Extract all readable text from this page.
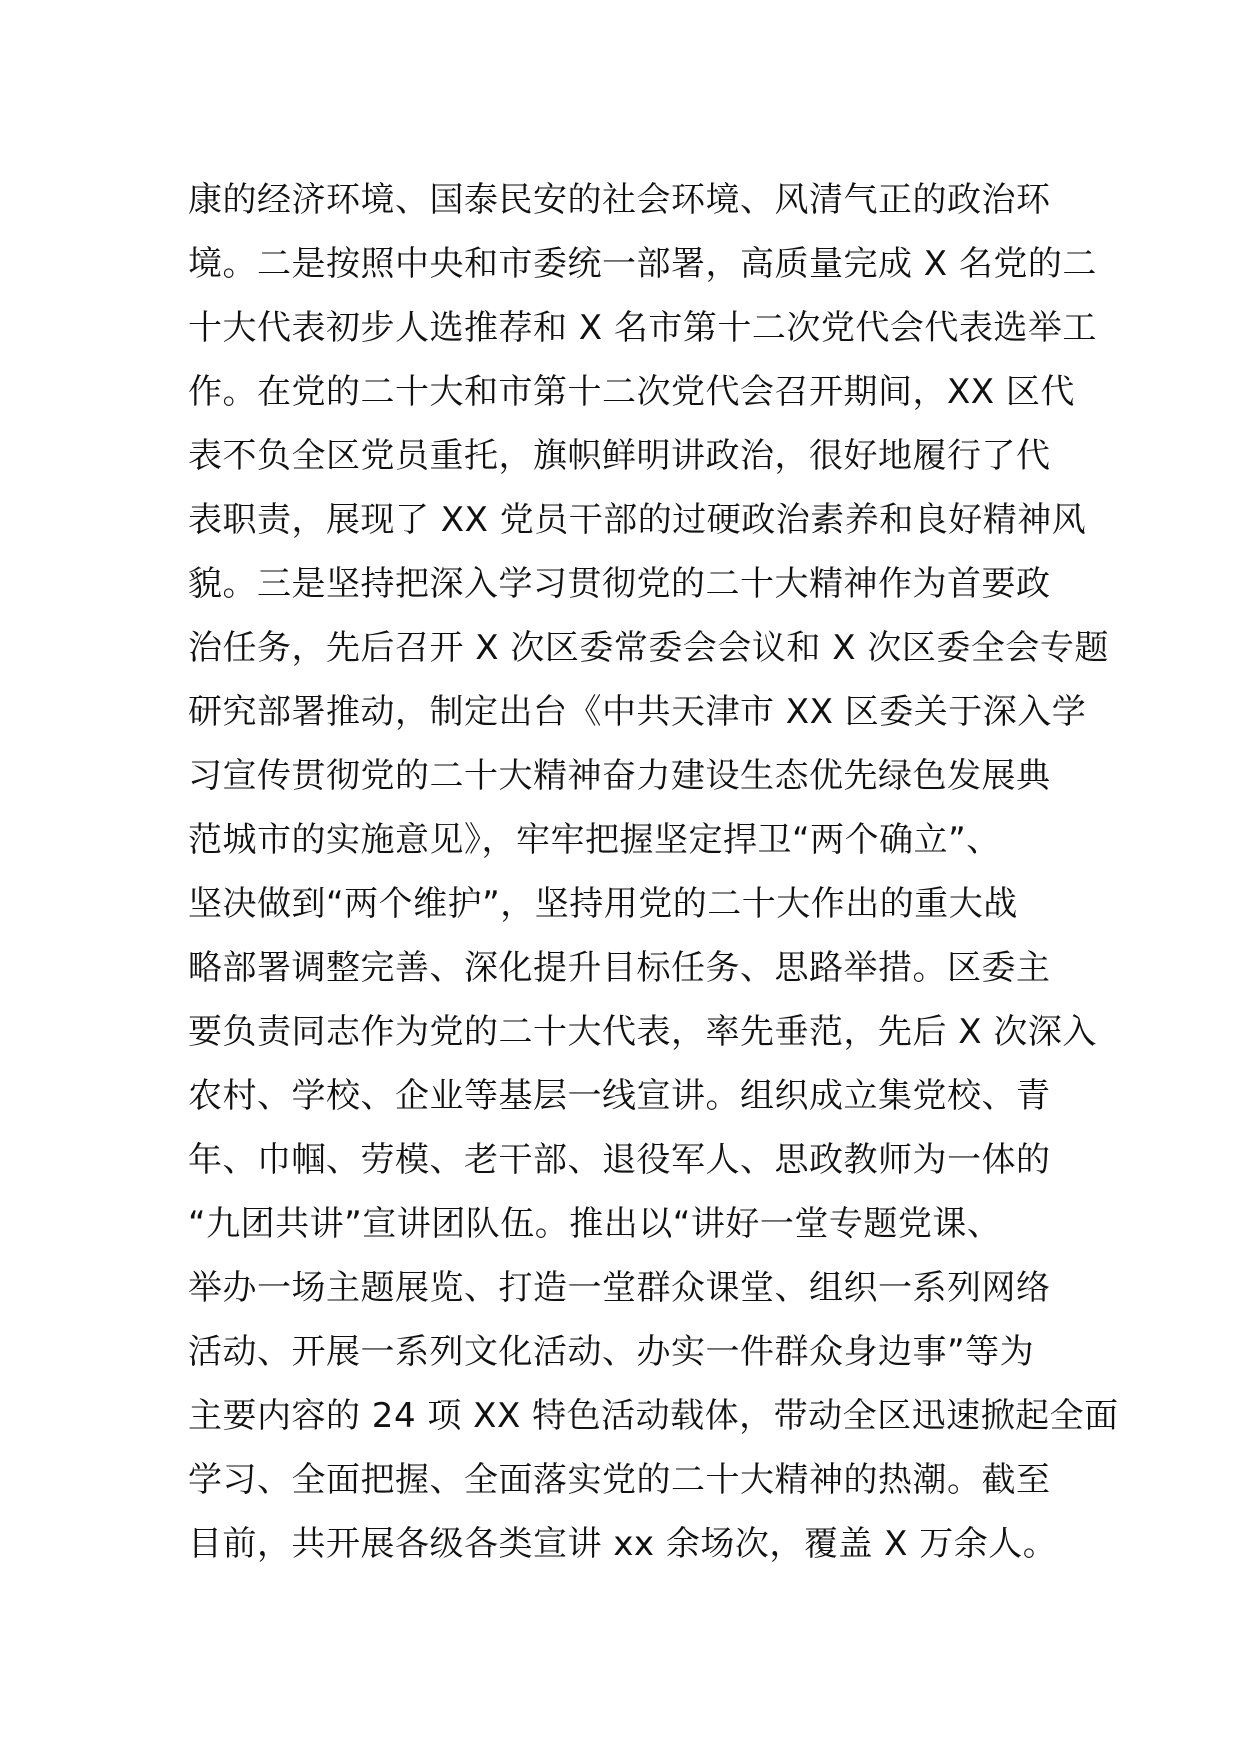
康的经济环境、国泰民安的社会环境、风清气正的政治环
境。二是按照中央和市委统一部署，高质量完成 X 名党的二
十大代表初步人选推荐和 X 名市第十二次党代会代表选举工
作。在党的二十大和市第十二次党代会召开期间，XX 区代
表不负全区党员重托，旗帜鲜明讲政治，很好地履行了代
表职责，展现了 XX 党员干部的过硬政治素养和良好精神风
貌。三是坚持把深入学习贯彻党的二十大精神作为首要政
治任务，先后召开 X 次区委常委会会议和 X 次区委全会专题
研究部署推动，制定出台《中共天津市 XX 区委关于深入学
习宣传贯彻党的二十大精神奋力建设生态优先绿色发展典
范城市的实施意见》，牢牢把握坚定捍卫“两个确立”、
坚决做到“两个维护”，坚持用党的二十大作出的重大战
略部署调整完善、深化提升目标任务、思路举措。区委主
要负责同志作为党的二十大代表，率先垂范，先后 X 次深入
农村、学校、企业等基层一线宣讲。组织成立集党校、青
年、巾帼、劳模、老干部、退役军人、思政教师为一体的
“九团共讲”宣讲团队伍。推出以“讲好一堂专题党课、
举办一场主题展览、打造一堂群众课堂、组织一系列网络
活动、开展一系列文化活动、办实一件群众身边事”等为
主要内容的 24 项 XX 特色活动载体，带动全区迅速掀起全面
学习、全面把握、全面落实党的二十大精神的热潮。截至
目前，共开展各级各类宣讲 xx 余场次，覆盖 X 万余人。
